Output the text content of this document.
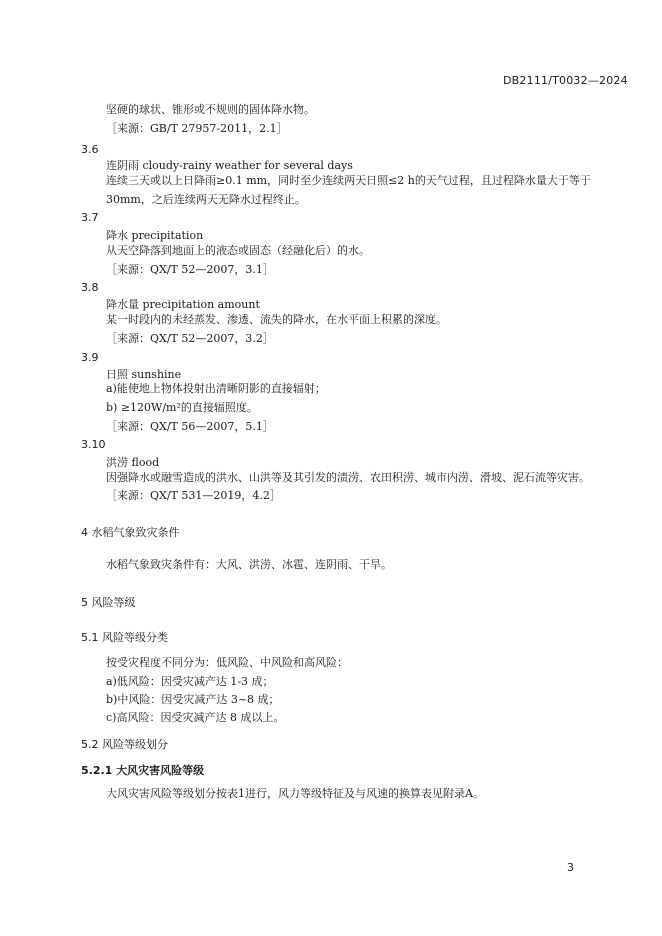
DB2111/T0032—2024
坚硬的球状、锥形或不规则的固体降水物。
［来源：GB/T 27957-2011，2.1］
3.6
连阴雨 cloudy-rainy weather for several days
连续三天或以上日降雨≥0.1 mm，同时至少连续两天日照≤2 h的天气过程，且过程降水量大于等于
30mm，之后连续两天无降水过程终止。
3.7
降水 precipitation
从天空降落到地面上的液态或固态（经融化后）的水。
［来源：QX/T 52—2007，3.1］
3.8
降水量 precipitation amount
某一时段内的未经蒸发、渗透、流失的降水，在水平面上积累的深度。
［来源：QX/T 52—2007，3.2］
3.9
日照 sunshine
a)能使地上物体投射出清晰阴影的直接辐射；
b) ≥120W/m²的直接辐照度。
［来源：QX/T 56—2007，5.1］
3.10
洪涝 flood
因强降水或融雪造成的洪水、山洪等及其引发的渍涝、农田积涝、城市内涝、滑坡、泥石流等灾害。
［来源：QX/T 531—2019，4.2］
4 水稻气象致灾条件
水稻气象致灾条件有：大风、洪涝、冰雹、连阴雨、干旱。
5 风险等级
5.1 风险等级分类
按受灾程度不同分为：低风险、中风险和高风险：
a)低风险：因受灾减产达 1-3 成；
b)中风险：因受灾减产达 3~8 成；
c)高风险：因受灾减产达 8 成以上。
5.2 风险等级划分
5.2.1 大风灾害风险等级
大风灾害风险等级划分按表1进行，风力等级特征及与风速的换算表见附录A。
3
